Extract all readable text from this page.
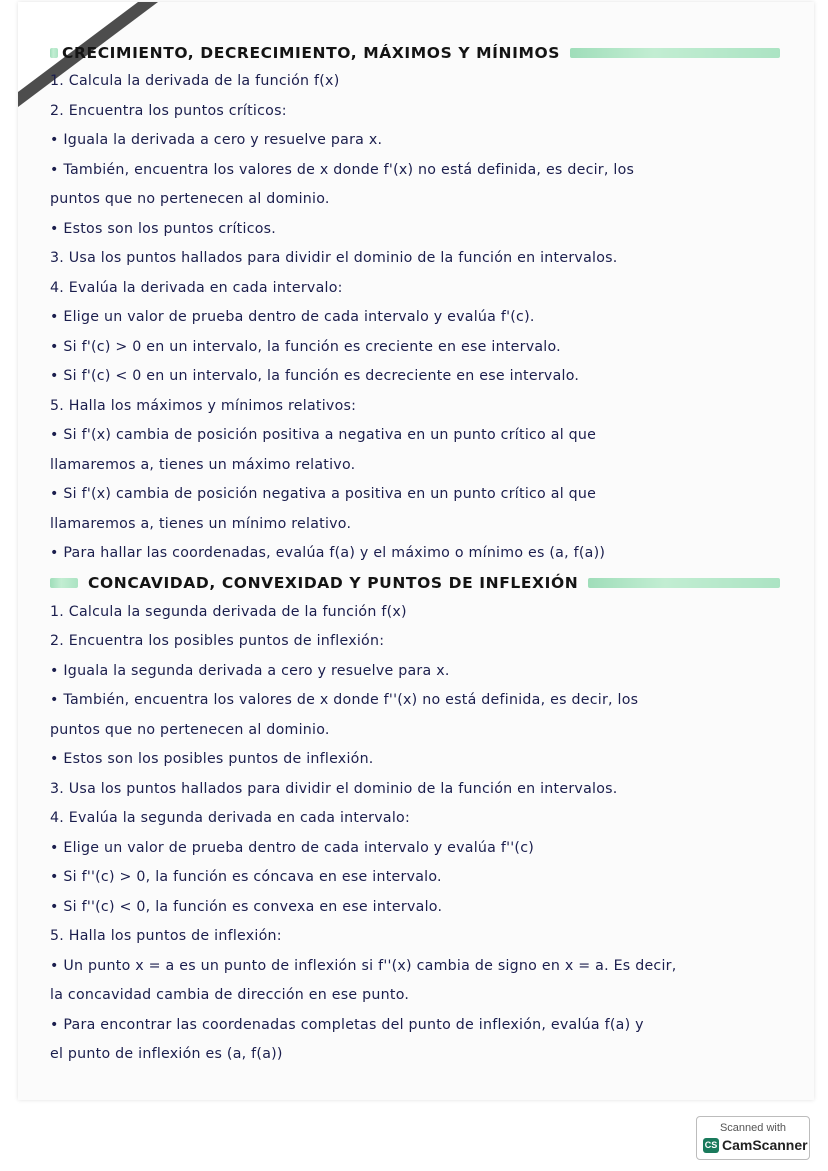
CRECIMIENTO, DECRECIMIENTO, MÁXIMOS Y MÍNIMOS
1. Calcula la derivada de la función f(x)
2. Encuentra los puntos críticos:
• Iguala la derivada a cero y resuelve para x.
• También, encuentra los valores de x donde f'(x) no está definida, es decir, los
puntos que no pertenecen al dominio.
• Estos son los puntos críticos.
3. Usa los puntos hallados para dividir el dominio de la función en intervalos.
4. Evalúa la derivada en cada intervalo:
• Elige un valor de prueba dentro de cada intervalo y evalúa f'(c).
• Si f'(c) > 0 en un intervalo, la función es creciente en ese intervalo.
• Si f'(c) < 0 en un intervalo, la función es decreciente en ese intervalo.
5. Halla los máximos y mínimos relativos:
• Si f'(x) cambia de posición positiva a negativa en un punto crítico al que
llamaremos a, tienes un máximo relativo.
• Si f'(x) cambia de posición negativa a positiva en un punto crítico al que
llamaremos a, tienes un mínimo relativo.
• Para hallar las coordenadas, evalúa f(a) y el máximo o mínimo es (a, f(a))
CONCAVIDAD, CONVEXIDAD Y PUNTOS DE INFLEXIÓN
1. Calcula la segunda derivada de la función f(x)
2. Encuentra los posibles puntos de inflexión:
• Iguala la segunda derivada a cero y resuelve para x.
• También, encuentra los valores de x donde f''(x) no está definida, es decir, los
puntos que no pertenecen al dominio.
• Estos son los posibles puntos de inflexión.
3. Usa los puntos hallados para dividir el dominio de la función en intervalos.
4. Evalúa la segunda derivada en cada intervalo:
• Elige un valor de prueba dentro de cada intervalo y evalúa f''(c)
• Si f''(c) > 0, la función es cóncava en ese intervalo.
• Si f''(c) < 0, la función es convexa en ese intervalo.
5. Halla los puntos de inflexión:
• Un punto x = a es un punto de inflexión si f''(x) cambia de signo en x = a. Es decir,
la concavidad cambia de dirección en ese punto.
• Para encontrar las coordenadas completas del punto de inflexión, evalúa f(a) y
el punto de inflexión es (a, f(a))
Scanned with
CS CamScanner
